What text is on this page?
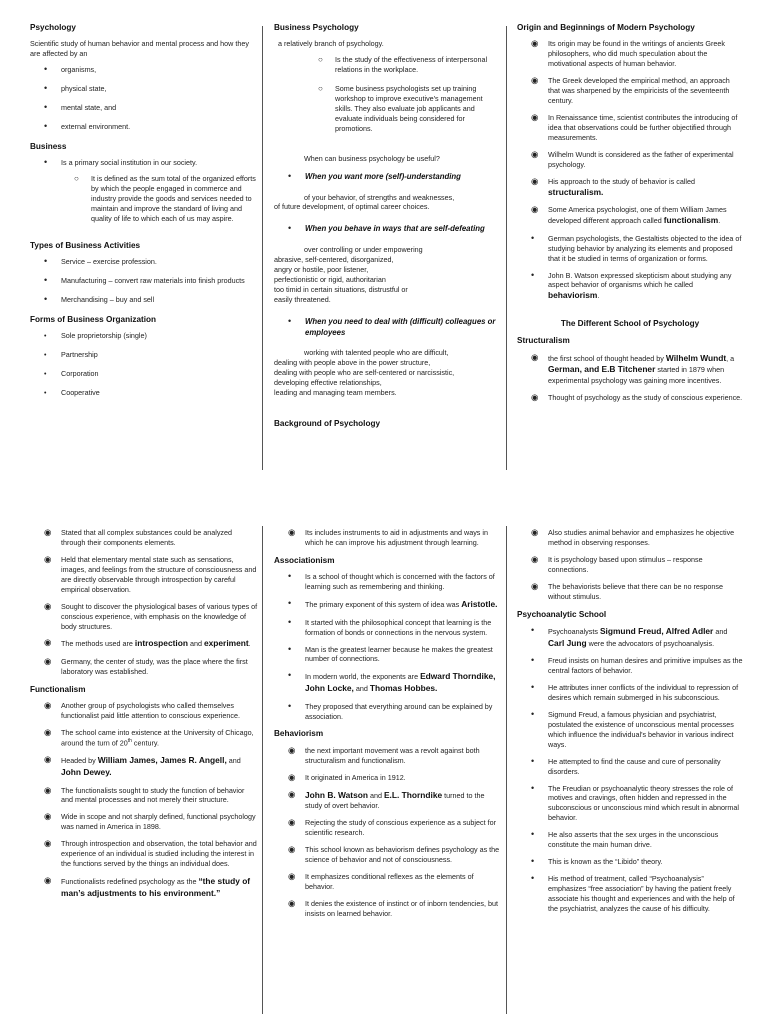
Psychology

Scientific study of human behavior and mental process and how they are affected by an

•
organisms,
•
physical state,
•
mental state, and
•
external environment.
Business
•
Is a primary social institution in our society.
○
It is defined as the sum total of the organized efforts by which the people engaged in commerce and industry provide the goods and services needed to maintain and improve the standard of living and quality of life to which each of us may aspire.
Types of Business Activities
•
Service – exercise profession.
•
Manufacturing – convert raw materials into finish products
•
Merchandising – buy and sell
Forms of Business Organization
•
Sole proprietorship (single)
•
Partnership
•
Corporation
•
Cooperative
Business Psychology

a relatively branch of psychology.

○
Is the study of the effectiveness of interpersonal relations in the workplace.
○
Some business psychologists set up training workshop to improve executive's management skills. They also evaluate job applicants and evaluate individuals being considered for promotions.

When can business psychology be useful?

•
When you want more (self)-understanding

of your behavior, of strengths and weaknesses,

of future development, of optimal career choices.

•
When you behave in ways that are self-defeating

over controlling or under empowering

abrasive, self-centered, disorganized,

angry or hostile, poor listener,

perfectionistic or rigid, authoritarian

too timid in certain situations, distrustful or

easily threatened.

•
When you need to deal with (difficult) colleagues or employees

working with talented people who are difficult,

dealing with people above in the power structure,

dealing with people who are self-centered or narcissistic,

developing effective relationships,

leading and managing team members.

Background of Psychology
Origin and Beginnings of Modern Psychology
◉
Its origin may be found in the writings of ancients Greek philosophers, who did much speculation about the motivational aspects of human behavior.
◉
The Greek developed the empirical method, an approach that was sharpened by the empiricists of the seventeenth century.
◉
In Renaissance time, scientist contributes the introducing of idea that observations could be further objectified through measurements.
◉
Wilhelm Wundt is considered as the father of experimental psychology.
◉
His approach to the study of behavior is called structuralism.
◉
Some America psychologist, one of them William James developed different approach called functionalism.
•
German psychologists, the Gestaltists objected to the idea of studying behavior by analyzing its elements and proposed that it be studied in terms of organization or forms.
•
John B. Watson expressed skepticism about studying any aspect behavior of organisms which he called behaviorism.
The Different School of Psychology
Structuralism
◉
the first school of thought headed by Wilhelm Wundt, a German, and E.B Titchener started in 1879 when experimental psychology was gaining more incentives.
◉
Thought of psychology as the study of conscious experience.
◉
Stated that all complex substances could be analyzed through their components elements.
◉
Held that elementary mental state such as sensations, images, and feelings from the structure of consciousness and are directly observable through introspection by careful empirical observation.
◉
Sought to discover the physiological bases of various types of conscious experience, with emphasis on the knowledge of body structures.
◉
The methods used are introspection and experiment.
◉
Germany, the center of study, was the place where the first laboratory was established.
Functionalism
◉
Another group of psychologists who called themselves functionalist paid little attention to conscious experience.
◉
The school came into existence at the University of Chicago, around the turn of 20th century.
◉
Headed by William James, James R. Angell, and John Dewey.
◉
The functionalists sought to study the function of behavior and mental processes and not merely their structure.
◉
Wide in scope and not sharply defined, functional psychology was named in America in 1898.
◉
Through introspection and observation, the total behavior and experience of an individual is studied including the interest in the functions served by the things an individual does.
◉
Functionalists redefined psychology as the “the study of man’s adjustments to his environment.”
◉
Its includes instruments to aid in adjustments and ways in which he can improve his adjustment through learning.
Associationism
•
Is a school of thought which is concerned with the factors of learning such as remembering and thinking.
•
The primary exponent of this system of idea was Aristotle.
•
It started with the philosophical concept that learning is the formation of bonds or connections in the nervous system.
•
Man is the greatest learner because he makes the greatest number of connections.
•
In modern world, the exponents are Edward Thorndike, John Locke, and Thomas Hobbes.
•
They proposed that everything around can be explained by association.
Behaviorism
◉
the next important movement was a revolt against both structuralism and functionalism.
◉
It originated in America in 1912.
◉
John B. Watson and E.L. Thorndike turned to the study of overt behavior.
◉
Rejecting the study of conscious experience as a subject for scientific research.
◉
This school known as behaviorism defines psychology as the science of behavior and not of consciousness.
◉
It emphasizes conditional reflexes as the elements of behavior.
◉
It denies the existence of instinct or of inborn tendencies, but insists on learned behavior.
◉
Also studies animal behavior and emphasizes he objective method in observing responses.
◉
It is psychology based upon stimulus – response connections.
◉
The behaviorists believe that there can be no response without stimulus.
Psychoanalytic School
•
Psychoanalysts Sigmund Freud, Alfred Adler and Carl Jung were the advocators of psychoanalysis.
•
Freud insists on human desires and primitive impulses as the central factors of behavior.
•
He attributes inner conflicts of the individual to repression of desires which remain submerged in his subconscious.
•
Sigmund Freud, a famous physician and psychiatrist, postulated the existence of unconscious mental processes which influence the individual's behavior in various indirect ways.
•
He attempted to find the cause and cure of personality disorders.
•
The Freudian or psychoanalytic theory stresses the role of motives and cravings, often hidden and repressed in the subconscious or unconscious mind which result in abnormal behavior.
•
He also asserts that the sex urges in the unconscious constitute the main human drive.
•
This is known as the “Libido” theory.
•
His method of treatment, called “Psychoanalysis” emphasizes “free association” by having the patient freely associate his thought and experiences and with the help of the psychiatrist, analyzes the cause of his difficulty.
